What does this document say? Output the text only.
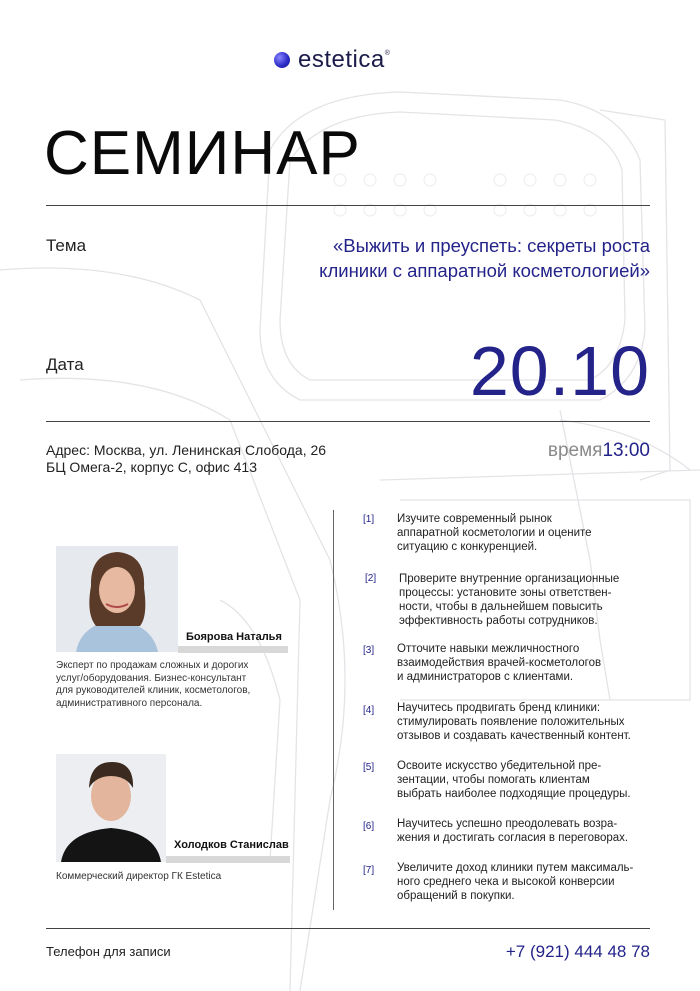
estetica®
СЕМИНАР
Тема	«Выжить и преуспеть: секреты роста
клиники с аппаратной косметологией»
Дата	20.10
Адрес: Москва, ул. Ленинская Слобода, 26
БЦ Омега-2, корпус С, офис 413
время13:00
Боярова Наталья
Эксперт по продажам сложных и дорогих
услуг/оборудования. Бизнес-консультант
для руководителей клиник, косметологов,
административного персонала.
Холодков Станислав
Коммерческий директор ГК Estetica
[1] Изучите современный рынок
аппаратной косметологии и оцените
ситуацию с конкуренцией.
[2] Проверите внутренние организационные
процессы: установите зоны ответствен-
ности, чтобы в дальнейшем повысить
эффективность работы сотрудников.
[3] Отточите навыки межличностного
взаимодействия врачей-косметологов
и администраторов с клиентами.
[4] Научитесь продвигать бренд клиники:
стимулировать появление положительных
отзывов и создавать качественный контент.
[5] Освоите искусство убедительной пре-
зентации, чтобы помогать клиентам
выбрать наиболее подходящие процедуры.
[6] Научитесь успешно преодолевать возра-
жения и достигать согласия в переговорах.
[7] Увеличите доход клиники путем максималь-
ного среднего чека и высокой конверсии
обращений в покупки.
Телефон для записи	+7 (921) 444 48 78
